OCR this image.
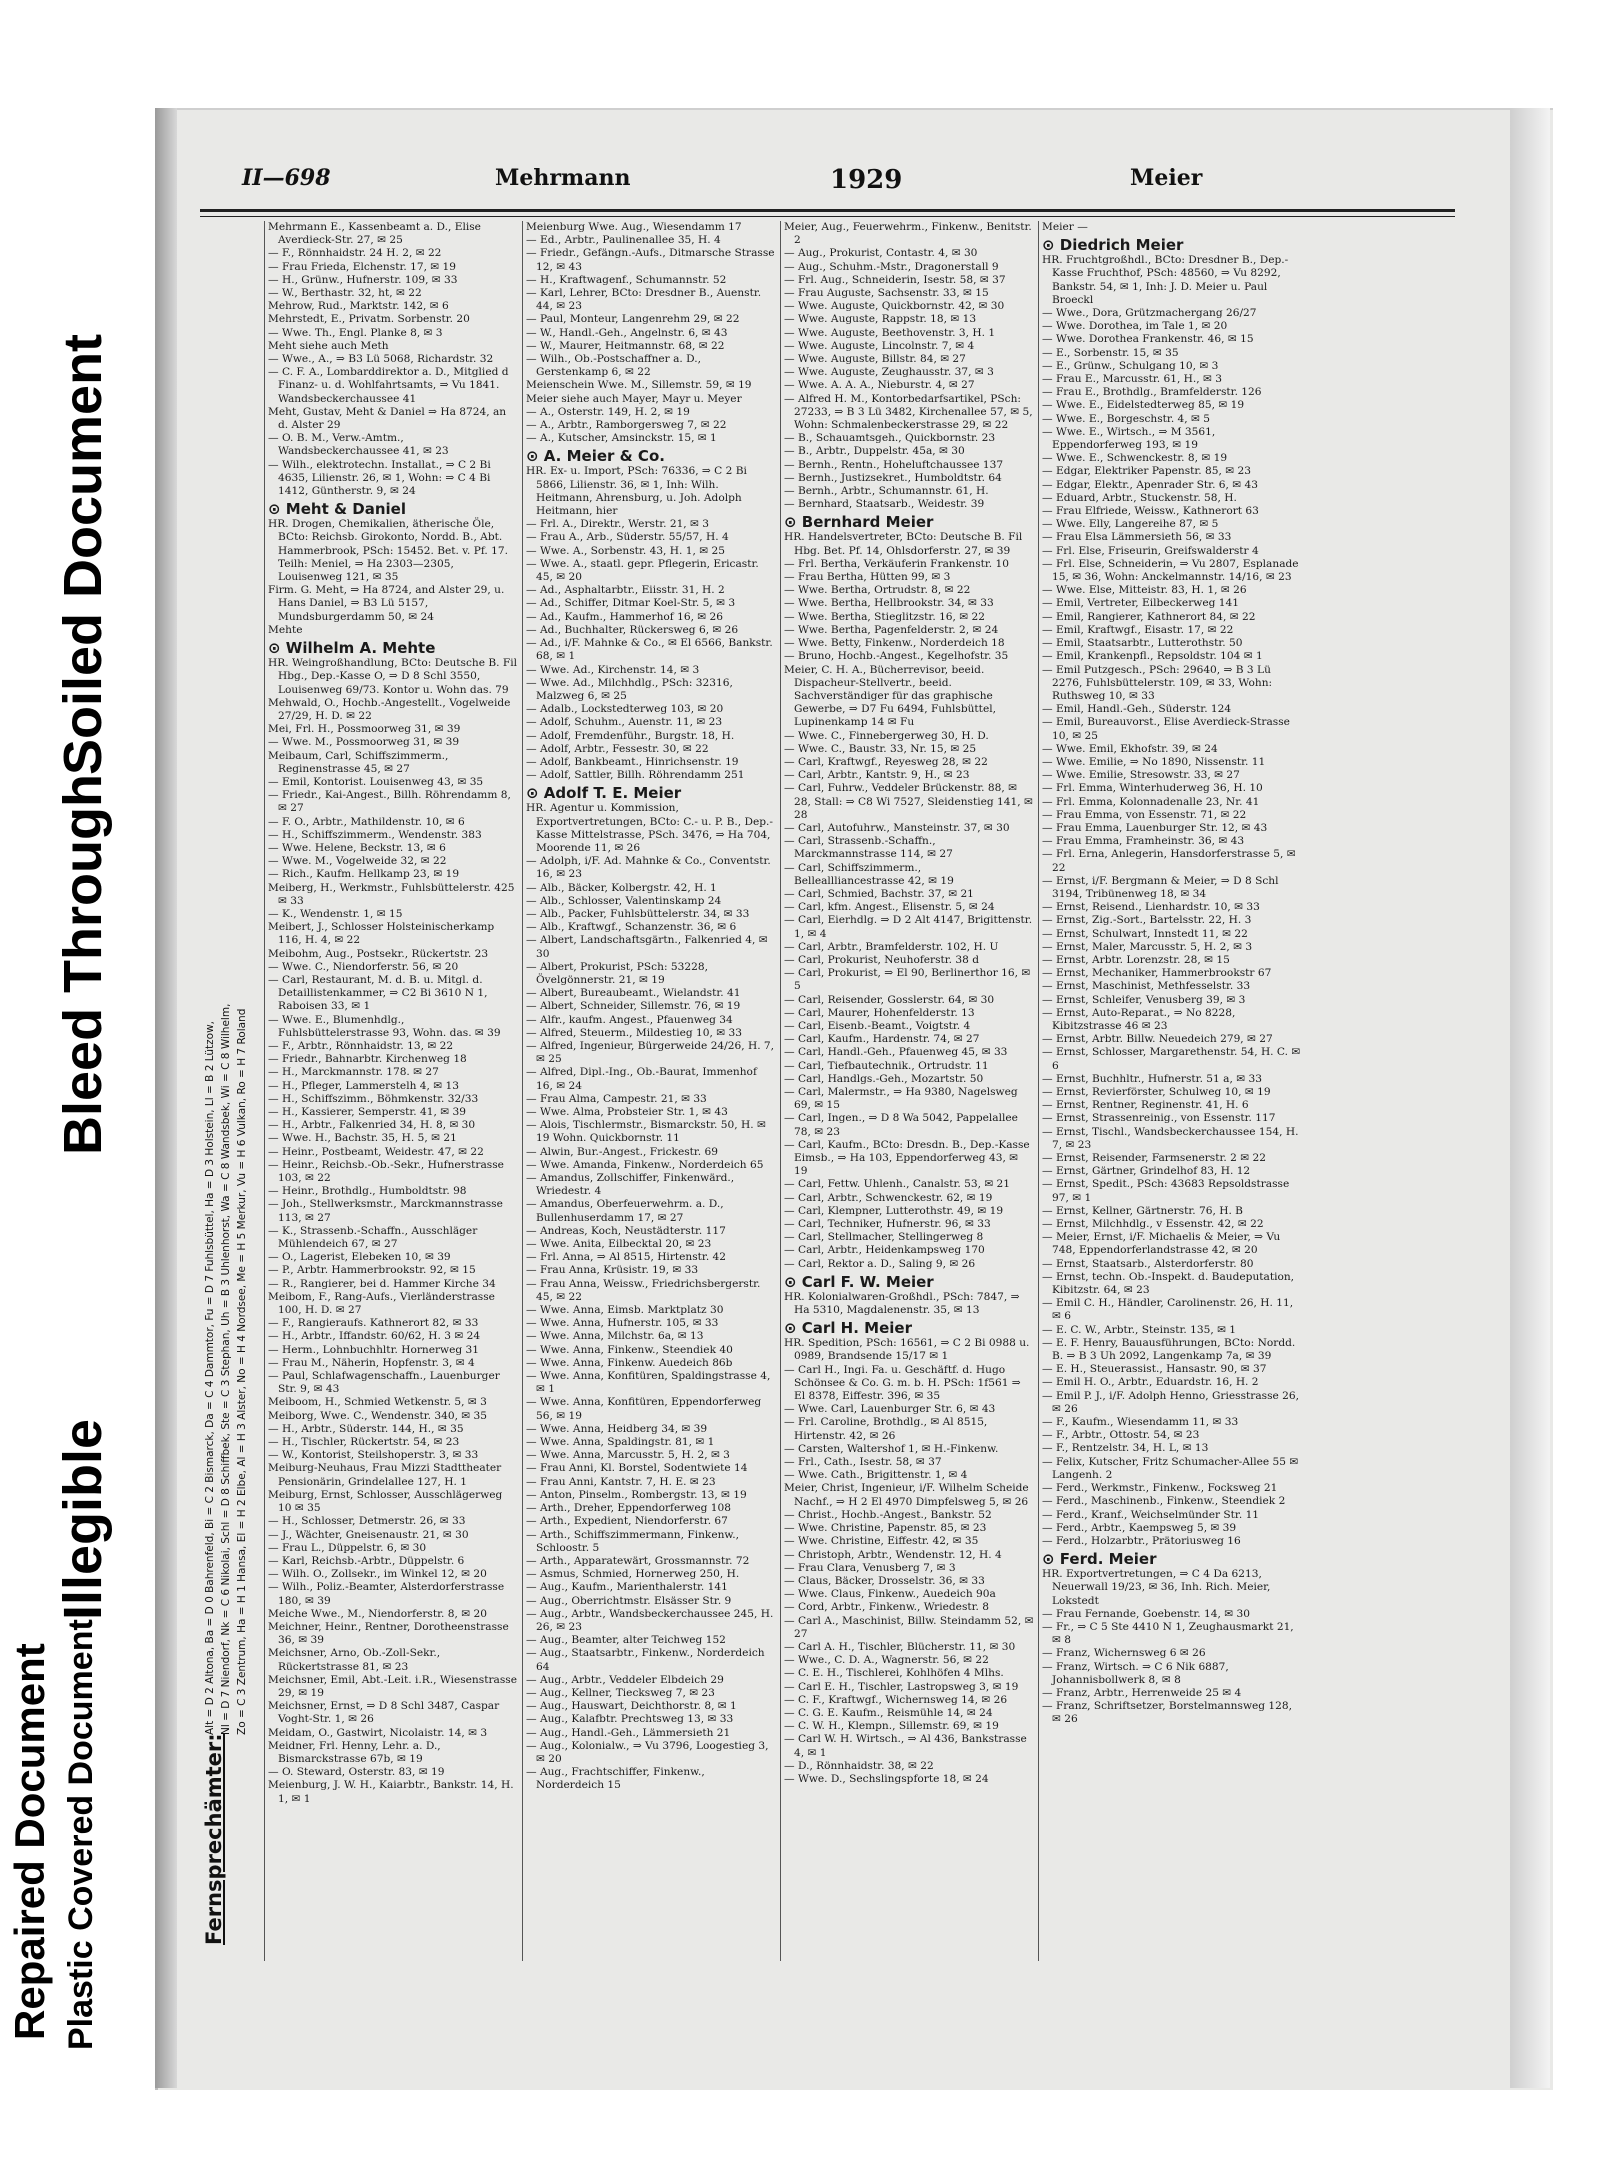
Repaired Document Plastic Covered Document
Illegible
Bleed Through
Soiled Document
II—698	Mehrmann	1929	Meier
Fernsprechämter:
Alt = D 2 Altona, Ba = D 0 Bahrenfeld, Bi = C 2 Bismarck, Da = C 4 Dammtor, Fu = D 7 Fuhlsbüttel, Ha = D 3 Holstein, Ll = B 2 Lützow, Nl = D 7 Niendorf, Nk = C 6 Nikolai, Schl = D 8 Schiffbek, Ste = C 3 Stephan, Uh = B 3 Uhlenhorst, Wa = C 8 Wandsbek, Wi = C 8 Wilhelm, Zo = C 3 Zentrum, Ha = H 1 Hansa, El = H 2 Elbe, Al = H 3 Alster, No = H 4 Nordsee, Me = H 5 Merkur, Vu = H 6 Vulkan, Ro = H 7 Roland

Mehrmann E., Kassenbeamt a. D., Elise Averdieck-Str. 27, ✉ 25

— F., Rönnhaidstr. 24 H. 2, ✉ 22

— Frau Frieda, Elchenstr. 17, ✉ 19

— H., Grünw., Hufnerstr. 109, ✉ 33

— W., Berthastr. 32, ht, ✉ 22

Mehrow, Rud., Marktstr. 142, ✉ 6

Mehrstedt, E., Privatm. Sorbenstr. 20

— Wwe. Th., Engl. Planke 8, ✉ 3

Meht siehe auch Meth

— Wwe., A., ⇒ B3 Lü 5068, Richardstr. 32

— C. F. A., Lombarddirektor a. D., Mitglied d Finanz- u. d. Wohlfahrtsamts, ⇒ Vu 1841. Wandsbeckerchaussee 41

Meht, Gustav, Meht & Daniel ⇒ Ha 8724, an d. Alster 29

— O. B. M., Verw.-Amtm., Wandsbeckerchaussee 41, ✉ 23

— Wilh., elektrotechn. Installat., ⇒ C 2 Bi 4635, Lilienstr. 26, ✉ 1, Wohn: ⇒ C 4 Bi 1412, Güntherstr. 9, ✉ 24

⊙ Meht & Daniel

HR. Drogen, Chemikalien, ätherische Öle, BCto: Reichsb. Girokonto, Nordd. B., Abt. Hammerbrook, PSch: 15452. Bet. v. Pf. 17. Teilh: Meniel, ⇒ Ha 2303—2305, Louisenweg 121, ✉ 35

Firm. G. Meht, ⇒ Ha 8724, and Alster 29, u. Hans Daniel, ⇒ B3 Lü 5157, Mundsburgerdamm 50, ✉ 24

Mehte

⊙ Wilhelm A. Mehte

HR. Weingroßhandlung, BCto: Deutsche B. Fil Hbg., Dep.-Kasse O, ⇒ D 8 Schl 3550, Louisenweg 69/73. Kontor u. Wohn das. 79

Mehwald, O., Hochb.-Angestellt., Vogelweide 27/29, H. D. ✉ 22

Mei, Frl. H., Possmoorweg 31, ✉ 39

— Wwe. M., Possmoorweg 31, ✉ 39

Meibaum, Carl, Schiffszimmerm., Reginenstrasse 45, ✉ 27

— Emil, Kontorist. Louisenweg 43, ✉ 35

— Friedr., Kai-Angest., Billh. Röhrendamm 8, ✉ 27

— F. O., Arbtr., Mathildenstr. 10, ✉ 6

— H., Schiffszimmerm., Wendenstr. 383

— Wwe. Helene, Beckstr. 13, ✉ 6

— Wwe. M., Vogelweide 32, ✉ 22

— Rich., Kaufm. Hellkamp 23, ✉ 19

Meiberg, H., Werkmstr., Fuhlsbüttelerstr. 425 ✉ 33

— K., Wendenstr. 1, ✉ 15

Meibert, J., Schlosser Holsteinischerkamp 116, H. 4, ✉ 22

Meibohm, Aug., Postsekr., Rückertstr. 23

— Wwe. C., Niendorferstr. 56, ✉ 20

— Carl, Restaurant, M. d. B. u. Mitgl. d. Detaillistenkammer, ⇒ C2 Bi 3610 N 1, Raboisen 33, ✉ 1

— Wwe. E., Blumenhdlg., Fuhlsbüttelerstrasse 93, Wohn. das. ✉ 39

— F., Arbtr., Rönnhaidstr. 13, ✉ 22

— Friedr., Bahnarbtr. Kirchenweg 18

— H., Marckmannstr. 178. ✉ 27

— H., Pfleger, Lammerstelh 4, ✉ 13

— H., Schiffszimm., Böhmkenstr. 32/33

— H., Kassierer, Semperstr. 41, ✉ 39

— H., Arbtr., Falkenried 34, H. 8, ✉ 30

— Wwe. H., Bachstr. 35, H. 5, ✉ 21

— Heinr., Postbeamt, Weidestr. 47, ✉ 22

— Heinr., Reichsb.-Ob.-Sekr., Hufnerstrasse 103, ✉ 22

— Heinr., Brothdlg., Humboldtstr. 98

— Joh., Stellwerksmstr., Marckmannstrasse 113, ✉ 27

— K., Strassenb.-Schaffn., Ausschläger Mühlendeich 67, ✉ 27

— O., Lagerist, Elebeken 10, ✉ 39

— P., Arbtr. Hammerbrookstr. 92, ✉ 15

— R., Rangierer, bei d. Hammer Kirche 34

Meibom, F., Rang-Aufs., Vierländerstrasse 100, H. D. ✉ 27

— F., Rangieraufs. Kathnerort 82, ✉ 33

— H., Arbtr., Iffandstr. 60/62, H. 3 ✉ 24

— Herm., Lohnbuchhltr. Hornerweg 31

— Frau M., Näherin, Hopfenstr. 3, ✉ 4

— Paul, Schlafwagenschaffn., Lauenburger Str. 9, ✉ 43

Meiboom, H., Schmied Wetkenstr. 5, ✉ 3

Meiborg, Wwe. C., Wendenstr. 340, ✉ 35

— H., Arbtr., Süderstr. 144, H., ✉ 35

— H., Tischler, Rückertstr. 54, ✉ 23

— W., Kontorist, Steilshoperstr. 3, ✉ 33

Meiburg-Neuhaus, Frau Mizzi Stadttheater Pensionärin, Grindelallee 127, H. 1

Meiburg, Ernst, Schlosser, Ausschlägerweg 10 ✉ 35

— H., Schlosser, Detmerstr. 26, ✉ 33

— J., Wächter, Gneisenaustr. 21, ✉ 30

— Frau L., Düppelstr. 6, ✉ 30

— Karl, Reichsb.-Arbtr., Düppelstr. 6

— Wilh. O., Zollsekr., im Winkel 12, ✉ 20

— Wilh., Poliz.-Beamter, Alsterdorferstrasse 180, ✉ 39

Meiche Wwe., M., Niendorferstr. 8, ✉ 20

Meichner, Heinr., Rentner, Dorotheenstrasse 36, ✉ 39

Meichsner, Arno, Ob.-Zoll-Sekr., Rückertstrasse 81, ✉ 23

Meichsner, Emil, Abt.-Leit. i.R., Wiesenstrasse 29, ✉ 19

Meichsner, Ernst, ⇒ D 8 Schl 3487, Caspar Voght-Str. 1, ✉ 26

Meidam, O., Gastwirt, Nicolaistr. 14, ✉ 3

Meidner, Frl. Henny, Lehr. a. D., Bismarckstrasse 67b, ✉ 19

— O. Steward, Osterstr. 83, ✉ 19

Meienburg, J. W. H., Kaiarbtr., Bankstr. 14, H. 1, ✉ 1

Meienburg Wwe. Aug., Wiesendamm 17

— Ed., Arbtr., Paulinenallee 35, H. 4

— Friedr., Gefängn.-Aufs., Ditmarsche Strasse 12, ✉ 43

— H., Kraftwagenf., Schumannstr. 52

— Karl, Lehrer, BCto: Dresdner B., Auenstr. 44, ✉ 23

— Paul, Monteur, Langenrehm 29, ✉ 22

— W., Handl.-Geh., Angelnstr. 6, ✉ 43

— W., Maurer, Heitmannstr. 68, ✉ 22

— Wilh., Ob.-Postschaffner a. D., Gerstenkamp 6, ✉ 22

Meienschein Wwe. M., Sillemstr. 59, ✉ 19

Meier siehe auch Mayer, Mayr u. Meyer

— A., Osterstr. 149, H. 2, ✉ 19

— A., Arbtr., Ramborgersweg 7, ✉ 22

— A., Kutscher, Amsinckstr. 15, ✉ 1

⊙ A. Meier & Co.

HR. Ex- u. Import, PSch: 76336, ⇒ C 2 Bi 5866, Lilienstr. 36, ✉ 1, Inh: Wilh. Heitmann, Ahrensburg, u. Joh. Adolph Heitmann, hier

— Frl. A., Direktr., Werstr. 21, ✉ 3

— Frau A., Arb., Süderstr. 55/57, H. 4

— Wwe. A., Sorbenstr. 43, H. 1, ✉ 25

— Wwe. A., staatl. gepr. Pflegerin, Ericastr. 45, ✉ 20

— Ad., Asphaltarbtr., Eiisstr. 31, H. 2

— Ad., Schiffer, Ditmar Koel-Str. 5, ✉ 3

— Ad., Kaufm., Hammerhof 16, ✉ 26

— Ad., Buchhalter, Rückersweg 6, ✉ 26

— Ad., i/F. Mahnke & Co., ✉ El 6566, Bankstr. 68, ✉ 1

— Wwe. Ad., Kirchenstr. 14, ✉ 3

— Wwe. Ad., Milchhdlg., PSch: 32316, Malzweg 6, ✉ 25

— Adalb., Lockstedterweg 103, ✉ 20

— Adolf, Schuhm., Auenstr. 11, ✉ 23

— Adolf, Fremdenführ., Burgstr. 18, H.

— Adolf, Arbtr., Fessestr. 30, ✉ 22

— Adolf, Bankbeamt., Hinrichsenstr. 19

— Adolf, Sattler, Billh. Röhrendamm 251

⊙ Adolf T. E. Meier

HR. Agentur u. Kommission, Exportvertretungen, BCto: C.- u. P. B., Dep.-Kasse Mittelstrasse, PSch. 3476, ⇒ Ha 704, Moorende 11, ✉ 26

— Adolph, i/F. Ad. Mahnke & Co., Conventstr. 16, ✉ 23

— Alb., Bäcker, Kolbergstr. 42, H. 1

— Alb., Schlosser, Valentinskamp 24

— Alb., Packer, Fuhlsbüttelerstr. 34, ✉ 33

— Alb., Kraftwgf., Schanzenstr. 36, ✉ 6

— Albert, Landschaftsgärtn., Falkenried 4, ✉ 30

— Albert, Prokurist, PSch: 53228, Övelgönnerstr. 21, ✉ 19

— Albert, Bureaubeamt., Wielandstr. 41

— Albert, Schneider, Sillemstr. 76, ✉ 19

— Alfr., kaufm. Angest., Pfauenweg 34

— Alfred, Steuerm., Mildestieg 10, ✉ 33

— Alfred, Ingenieur, Bürgerweide 24/26, H. 7, ✉ 25

— Alfred, Dipl.-Ing., Ob.-Baurat, Immenhof 16, ✉ 24

— Frau Alma, Campestr. 21, ✉ 33

— Wwe. Alma, Probsteier Str. 1, ✉ 43

— Alois, Tischlermstr., Bismarckstr. 50, H. ✉ 19 Wohn. Quickbornstr. 11

— Alwin, Bur.-Angest., Frickestr. 69

— Wwe. Amanda, Finkenw., Norderdeich 65

— Amandus, Zollschiffer, Finkenwärd., Wriedestr. 4

— Amandus, Oberfeuerwehrm. a. D., Bullenhuserdamm 17, ✉ 27

— Andreas, Koch, Neustädterstr. 117

— Wwe. Anita, Eilbecktal 20, ✉ 23

— Frl. Anna, ⇒ Al 8515, Hirtenstr. 42

— Frau Anna, Krüsistr. 19, ✉ 33

— Frau Anna, Weissw., Friedrichsbergerstr. 45, ✉ 22

— Wwe. Anna, Eimsb. Marktplatz 30

— Wwe. Anna, Hufnerstr. 105, ✉ 33

— Wwe. Anna, Milchstr. 6a, ✉ 13

— Wwe. Anna, Finkenw., Steendiek 40

— Wwe. Anna, Finkenw. Auedeich 86b

— Wwe. Anna, Konfitüren, Spaldingstrasse 4, ✉ 1

— Wwe. Anna, Konfitüren, Eppendorferweg 56, ✉ 19

— Wwe. Anna, Heidberg 34, ✉ 39

— Wwe. Anna, Spaldingstr. 81, ✉ 1

— Wwe. Anna, Marcusstr. 5, H. 2, ✉ 3

— Frau Anni, Kl. Borstel, Sodentwiete 14

— Frau Anni, Kantstr. 7, H. E. ✉ 23

— Anton, Pinselm., Rombergstr. 13, ✉ 19

— Arth., Dreher, Eppendorferweg 108

— Arth., Expedient, Niendorferstr. 67

— Arth., Schiffszimmermann, Finkenw., Schloostr. 5

— Arth., Apparatewärt, Grossmannstr. 72

— Asmus, Schmied, Hornerweg 250, H.

— Aug., Kaufm., Marienthalerstr. 141

— Aug., Oberrichtmstr. Elsässer Str. 9

— Aug., Arbtr., Wandsbeckerchaussee 245, H. 26, ✉ 23

— Aug., Beamter, alter Teichweg 152

— Aug., Staatsarbtr., Finkenw., Norderdeich 64

— Aug., Arbtr., Veddeler Elbdeich 29

— Aug., Kellner, Tiecksweg 7, ✉ 23

— Aug., Hauswart, Deichthorstr. 8, ✉ 1

— Aug., Kalafbtr. Prechtsweg 13, ✉ 33

— Aug., Handl.-Geh., Lämmersieth 21

— Aug., Kolonialw., ⇒ Vu 3796, Loogestieg 3, ✉ 20

— Aug., Frachtschiffer, Finkenw., Norderdeich 15

Meier, Aug., Feuerwehrm., Finkenw., Benitstr. 2

— Aug., Prokurist, Contastr. 4, ✉ 30

— Aug., Schuhm.-Mstr., Dragonerstall 9

— Frl. Aug., Schneiderin, Isestr. 58, ✉ 37

— Frau Auguste, Sachsenstr. 33, ✉ 15

— Wwe. Auguste, Quickbornstr. 42, ✉ 30

— Wwe. Auguste, Rappstr. 18, ✉ 13

— Wwe. Auguste, Beethovenstr. 3, H. 1

— Wwe. Auguste, Lincolnstr. 7, ✉ 4

— Wwe. Auguste, Billstr. 84, ✉ 27

— Wwe. Auguste, Zeughausstr. 37, ✉ 3

— Wwe. A. A. A., Nieburstr. 4, ✉ 27

— Alfred H. M., Kontorbedarfsartikel, PSch: 27233, ⇒ B 3 Lü 3482, Kirchenallee 57, ✉ 5, Wohn: Schmalenbeckerstrasse 29, ✉ 22

— B., Schauamtsgeh., Quickbornstr. 23

— B., Arbtr., Duppelstr. 45a, ✉ 30

— Bernh., Rentn., Hoheluftchaussee 137

— Bernh., Justizsekret., Humboldtstr. 64

— Bernh., Arbtr., Schumannstr. 61, H.

— Bernhard, Staatsarb., Weidestr. 39

⊙ Bernhard Meier

HR. Handelsvertreter, BCto: Deutsche B. Fil Hbg. Bet. Pf. 14, Ohlsdorferstr. 27, ✉ 39

— Frl. Bertha, Verkäuferin Frankenstr. 10

— Frau Bertha, Hütten 99, ✉ 3

— Wwe. Bertha, Ortrudstr. 8, ✉ 22

— Wwe. Bertha, Hellbrookstr. 34, ✉ 33

— Wwe. Bertha, Stieglitzstr. 16, ✉ 22

— Wwe. Bertha, Pagenfelderstr. 2, ✉ 24

— Wwe. Betty, Finkenw., Norderdeich 18

— Bruno, Hochb.-Angest., Kegelhofstr. 35

Meier, C. H. A., Bücherrevisor, beeid. Dispacheur-Stellvertr., beeid. Sachverständiger für das graphische Gewerbe, ⇒ D7 Fu 6494, Fuhlsbüttel, Lupinenkamp 14 ✉ Fu

— Wwe. C., Finnebergerweg 30, H. D.

— Wwe. C., Baustr. 33, Nr. 15, ✉ 25

— Carl, Kraftwgf., Reyesweg 28, ✉ 22

— Carl, Arbtr., Kantstr. 9, H., ✉ 23

— Carl, Fuhrw., Veddeler Brückenstr. 88, ✉ 28, Stall: ⇒ C8 Wi 7527, Sleidenstieg 141, ✉ 28

— Carl, Autofuhrw., Mansteinstr. 37, ✉ 30

— Carl, Strassenb.-Schaffn., Marckmannstrasse 114, ✉ 27

— Carl, Schiffszimmerm., Belleallliancestrasse 42, ✉ 19

— Carl, Schmied, Bachstr. 37, ✉ 21

— Carl, kfm. Angest., Elisenstr. 5, ✉ 24

— Carl, Eierhdlg. ⇒ D 2 Alt 4147, Brigittenstr. 1, ✉ 4

— Carl, Arbtr., Bramfelderstr. 102, H. U

— Carl, Prokurist, Neuhoferstr. 38 d

— Carl, Prokurist, ⇒ El 90, Berlinerthor 16, ✉ 5

— Carl, Reisender, Gosslerstr. 64, ✉ 30

— Carl, Maurer, Hohenfelderstr. 13

— Carl, Eisenb.-Beamt., Voigtstr. 4

— Carl, Kaufm., Hardenstr. 74, ✉ 27

— Carl, Handl.-Geh., Pfauenweg 45, ✉ 33

— Carl, Tiefbautechnik., Ortrudstr. 11

— Carl, Handlgs.-Geh., Mozartstr. 50

— Carl, Malermstr., ⇒ Ha 9380, Nagelsweg 69, ✉ 15

— Carl, Ingen., ⇒ D 8 Wa 5042, Pappelallee 78, ✉ 23

— Carl, Kaufm., BCto: Dresdn. B., Dep.-Kasse Eimsb., ⇒ Ha 103, Eppendorferweg 43, ✉ 19

— Carl, Fettw. Uhlenh., Canalstr. 53, ✉ 21

— Carl, Arbtr., Schwenckestr. 62, ✉ 19

— Carl, Klempner, Lutterothstr. 49, ✉ 19

— Carl, Techniker, Hufnerstr. 96, ✉ 33

— Carl, Stellmacher, Stellingerweg 8

— Carl, Arbtr., Heidenkampsweg 170

— Carl, Rektor a. D., Saling 9, ✉ 26

⊙ Carl F. W. Meier

HR. Kolonialwaren-Großhdl., PSch: 7847, ⇒ Ha 5310, Magdalenenstr. 35, ✉ 13

⊙ Carl H. Meier

HR. Spedition, PSch: 16561, ⇒ C 2 Bi 0988 u. 0989, Brandsende 15/17 ✉ 1

— Carl H., Ingi. Fa. u. Geschäftf. d. Hugo Schönsee & Co. G. m. b. H. PSch: 1f561 ⇒ El 8378, Eiffestr. 396, ✉ 35

— Wwe. Carl, Lauenburger Str. 6, ✉ 43

— Frl. Caroline, Brothdlg., ✉ Al 8515, Hirtenstr. 42, ✉ 26

— Carsten, Waltershof 1, ✉ H.-Finkenw.

— Frl., Cath., Isestr. 58, ✉ 37

— Wwe. Cath., Brigittenstr. 1, ✉ 4

Meier, Christ, Ingenieur, i/F. Wilhelm Scheide Nachf., ⇒ H 2 El 4970 Dimpfelsweg 5, ✉ 26

— Christ., Hochb.-Angest., Bankstr. 52

— Wwe. Christine, Papenstr. 85, ✉ 23

— Wwe. Christine, Eiffestr. 42, ✉ 35

— Christoph, Arbtr., Wendenstr. 12, H. 4

— Frau Clara, Venusberg 7, ✉ 3

— Claus, Bäcker, Drosselstr. 36, ✉ 33

— Wwe. Claus, Finkenw., Auedeich 90a

— Cord, Arbtr., Finkenw., Wriedestr. 8

— Carl A., Maschinist, Billw. Steindamm 52, ✉ 27

— Carl A. H., Tischler, Blücherstr. 11, ✉ 30

— Wwe., C. D. A., Wagnerstr. 56, ✉ 22

— C. E. H., Tischlerei, Kohlhöfen 4 Mlhs.

— Carl E. H., Tischler, Lastropsweg 3, ✉ 19

— C. F., Kraftwgf., Wichernsweg 14, ✉ 26

— C. G. E. Kaufm., Reismühle 14, ✉ 24

— C. W. H., Klempn., Sillemstr. 69, ✉ 19

— Carl W. H. Wirtsch., ⇒ Al 436, Bankstrasse 4, ✉ 1

— D., Rönnhaidstr. 38, ✉ 22

— Wwe. D., Sechslingspforte 18, ✉ 24

Meier —

⊙ Diedrich Meier

HR. Fruchtgroßhdl., BCto: Dresdner B., Dep.-Kasse Fruchthof, PSch: 48560, ⇒ Vu 8292, Bankstr. 54, ✉ 1, Inh: J. D. Meier u. Paul Broeckl

— Wwe., Dora, Grützmachergang 26/27

— Wwe. Dorothea, im Tale 1, ✉ 20

— Wwe. Dorothea Frankenstr. 46, ✉ 15

— E., Sorbenstr. 15, ✉ 35

— E., Grünw., Schulgang 10, ✉ 3

— Frau E., Marcusstr. 61, H., ✉ 3

— Frau E., Brothdlg., Bramfelderstr. 126

— Wwe. E., Eidelstedterweg 85, ✉ 19

— Wwe. E., Borgeschstr. 4, ✉ 5

— Wwe. E., Wirtsch., ⇒ M 3561, Eppendorferweg 193, ✉ 19

— Wwe. E., Schwenckestr. 8, ✉ 19

— Edgar, Elektriker Papenstr. 85, ✉ 23

— Edgar, Elektr., Apenrader Str. 6, ✉ 43

— Eduard, Arbtr., Stuckenstr. 58, H.

— Frau Elfriede, Weissw., Kathnerort 63

— Wwe. Elly, Langereihe 87, ✉ 5

— Frau Elsa Lämmersieth 56, ✉ 33

— Frl. Else, Friseurin, Greifswalderstr 4

— Frl. Else, Schneiderin, ⇒ Vu 2807, Esplanade 15, ✉ 36, Wohn: Anckelmannstr. 14/16, ✉ 23

— Wwe. Else, Mitteistr. 83, H. 1, ✉ 26

— Emil, Vertreter, Eilbeckerweg 141

— Emil, Rangierer, Kathnerort 84, ✉ 22

— Emil, Kraftwgf., Eisastr. 17, ✉ 22

— Emil, Staatsarbtr., Lutterothstr. 50

— Emil, Krankenpfl., Repsoldstr. 104 ✉ 1

— Emil Putzgesch., PSch: 29640, ⇒ B 3 Lü 2276, Fuhlsbüttelerstr. 109, ✉ 33, Wohn: Ruthsweg 10, ✉ 33

— Emil, Handl.-Geh., Süderstr. 124

— Emil, Bureauvorst., Elise Averdieck-Strasse 10, ✉ 25

— Wwe. Emil, Ekhofstr. 39, ✉ 24

— Wwe. Emilie, ⇒ No 1890, Nissenstr. 11

— Wwe. Emilie, Stresowstr. 33, ✉ 27

— Frl. Emma, Winterhuderweg 36, H. 10

— Frl. Emma, Kolonnadenalle 23, Nr. 41

— Frau Emma, von Essenstr. 71, ✉ 22

— Frau Emma, Lauenburger Str. 12, ✉ 43

— Frau Emma, Framheinstr. 36, ✉ 43

— Frl. Erna, Anlegerin, Hansdorferstrasse 5, ✉ 22

— Ernst, i/F. Bergmann & Meier, ⇒ D 8 Schl 3194, Tribünenweg 18, ✉ 34

— Ernst, Reisend., Lienhardstr. 10, ✉ 33

— Ernst, Zig.-Sort., Bartelsstr. 22, H. 3

— Ernst, Schulwart, Innstedt 11, ✉ 22

— Ernst, Maler, Marcusstr. 5, H. 2, ✉ 3

— Ernst, Arbtr. Lorenzstr. 28, ✉ 15

— Ernst, Mechaniker, Hammerbrookstr 67

— Ernst, Maschinist, Methfesselstr. 33

— Ernst, Schleifer, Venusberg 39, ✉ 3

— Ernst, Auto-Reparat., ⇒ No 8228, Kibitzstrasse 46 ✉ 23

— Ernst, Arbtr. Billw. Neuedeich 279, ✉ 27

— Ernst, Schlosser, Margarethenstr. 54, H. C. ✉ 6

— Ernst, Buchhltr., Hufnerstr. 51 a, ✉ 33

— Ernst, Revierförster, Schulweg 10, ✉ 19

— Ernst, Rentner, Reginenstr. 41, H. 6

— Ernst, Strassenreinig., von Essenstr. 117

— Ernst, Tischl., Wandsbeckerchaussee 154, H. 7, ✉ 23

— Ernst, Reisender, Farmsenerstr. 2 ✉ 22

— Ernst, Gärtner, Grindelhof 83, H. 12

— Ernst, Spedit., PSch: 43683 Repsoldstrasse 97, ✉ 1

— Ernst, Kellner, Gärtnerstr. 76, H. B

— Ernst, Milchhdlg., v Essenstr. 42, ✉ 22

— Meier, Ernst, i/F. Michaelis & Meier, ⇒ Vu 748, Eppendorferlandstrasse 42, ✉ 20

— Ernst, Staatsarb., Alsterdorferstr. 80

— Ernst, techn. Ob.-Inspekt. d. Baudeputation, Kibitzstr. 64, ✉ 23

— Emil C. H., Händler, Carolinenstr. 26, H. 11, ✉ 6

— E. C. W., Arbtr., Steinstr. 135, ✉ 1

— E. F. Henry, Bauausführungen, BCto: Nordd. B. ⇒ B 3 Uh 2092, Langenkamp 7a, ✉ 39

— E. H., Steuerassist., Hansastr. 90, ✉ 37

— Emil H. O., Arbtr., Eduardstr. 16, H. 2

— Emil P. J., i/F. Adolph Henno, Griesstrasse 26, ✉ 26

— F., Kaufm., Wiesendamm 11, ✉ 33

— F., Arbtr., Ottostr. 54, ✉ 23

— F., Rentzelstr. 34, H. L, ✉ 13

— Felix, Kutscher, Fritz Schumacher-Allee 55 ✉ Langenh. 2

— Ferd., Werkmstr., Finkenw., Focksweg 21

— Ferd., Maschinenb., Finkenw., Steendiek 2

— Ferd., Kranf., Weichselmünder Str. 11

— Ferd., Arbtr., Kaempsweg 5, ✉ 39

— Ferd., Holzarbtr., Prätoriusweg 16

⊙ Ferd. Meier

HR. Exportvertretungen, ⇒ C 4 Da 6213, Neuerwall 19/23, ✉ 36, Inh. Rich. Meier, Lokstedt

— Frau Fernande, Goebenstr. 14, ✉ 30

— Fr., ⇒ C 5 Ste 4410 N 1, Zeughausmarkt 21, ✉ 8

— Franz, Wichernsweg 6 ✉ 26

— Franz, Wirtsch. ⇒ C 6 Nik 6887, Johannisbollwerk 8, ✉ 8

— Franz, Arbtr., Herrenweide 25 ✉ 4

— Franz, Schriftsetzer, Borstelmannsweg 128, ✉ 26
